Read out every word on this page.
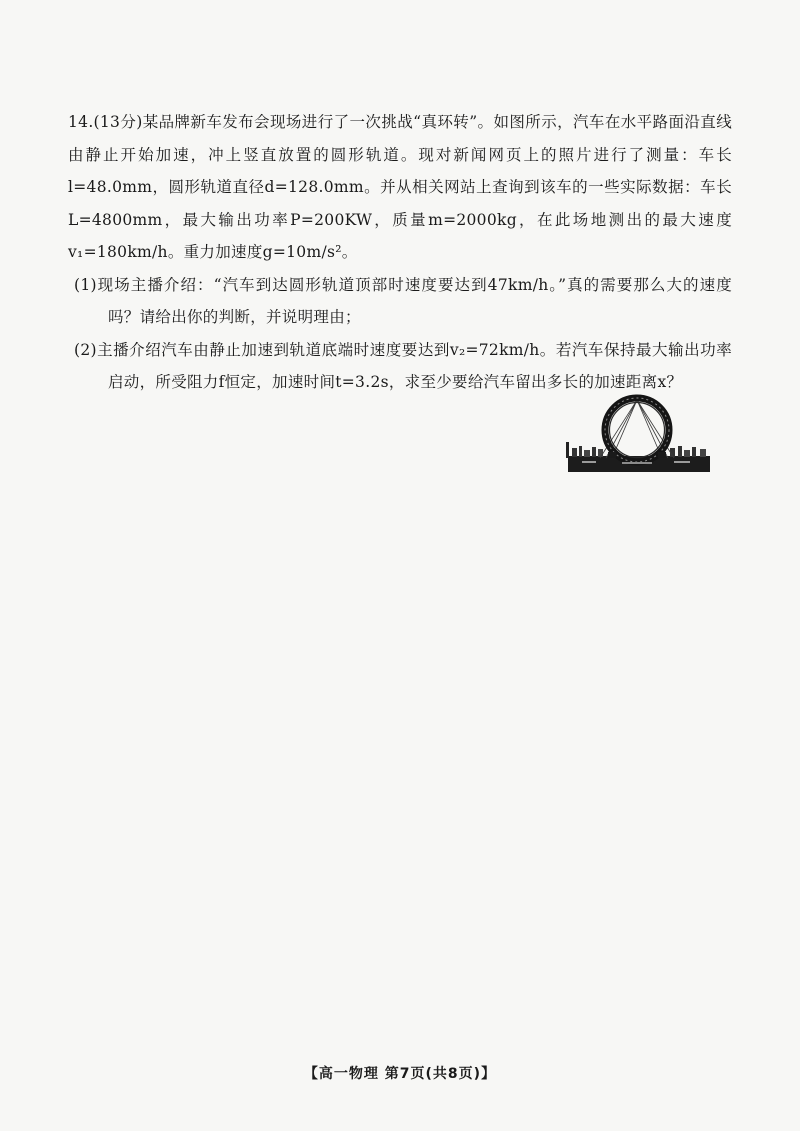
14.(13分)某品牌新车发布会现场进行了一次挑战“真环转”。如图所示，汽车在水平路面沿直线由静止开始加速，冲上竖直放置的圆形轨道。现对新闻网页上的照片进行了测量：车长l=48.0mm，圆形轨道直径d=128.0mm。并从相关网站上查询到该车的一些实际数据：车长L=4800mm，最大输出功率P=200KW，质量m=2000kg，在此场地测出的最大速度v₁=180km/h。重力加速度g=10m/s²。

(1)现场主播介绍：“汽车到达圆形轨道顶部时速度要达到47km/h。”真的需要那么大的速度吗？请给出你的判断，并说明理由；

(2)主播介绍汽车由静止加速到轨道底端时速度要达到v₂=72km/h。若汽车保持最大输出功率启动，所受阻力f恒定，加速时间t=3.2s，求至少要给汽车留出多长的加速距离x？

【高一物理 第7页(共8页)】
